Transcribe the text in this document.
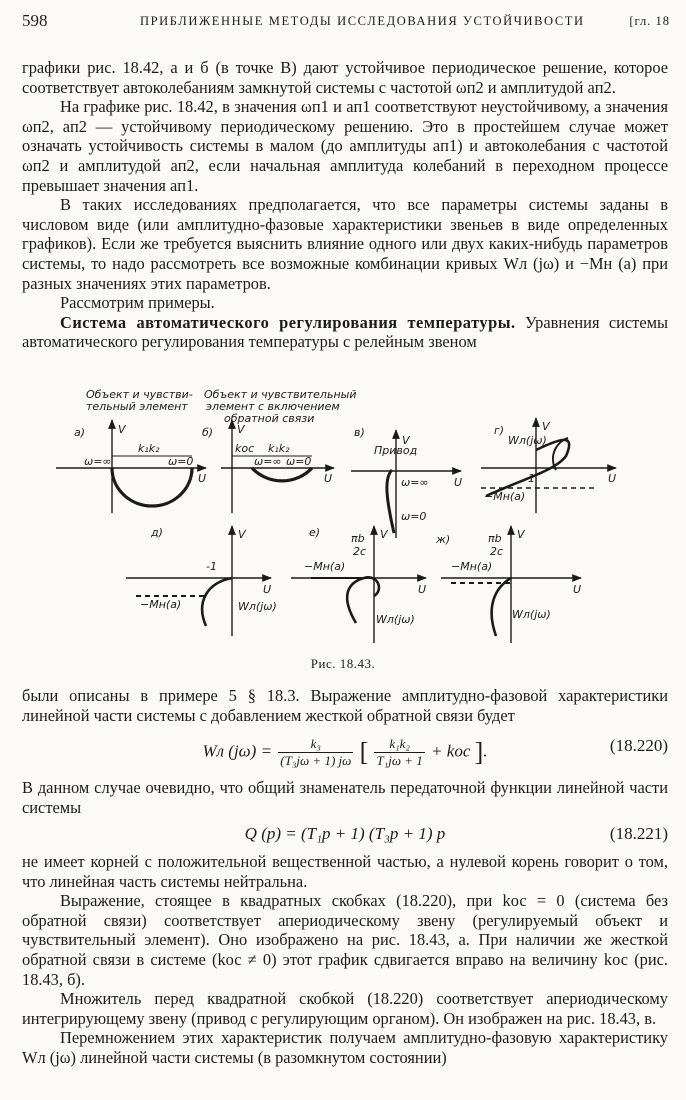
598	ПРИБЛИЖЕННЫЕ МЕТОДЫ ИССЛЕДОВАНИЯ УСТОЙЧИВОСТИ	[гл. 18

графики рис. 18.42, а и б (в точке B) дают устойчивое периодическое решение, которое соответствует автоколебаниям замкнутой системы с частотой ωп2 и амплитудой aп2.

На графике рис. 18.42, в значения ωп1 и aп1 соответствуют неустойчивому, а значения ωп2, aп2 — устойчивому периодическому решению. Это в простейшем случае может означать устойчивость системы в малом (до амплитуды aп1) и автоколебания с частотой ωп2 и амплитудой aп2, если начальная амплитуда колебаний в переходном процессе превышает значения aп1.

В таких исследованиях предполагается, что все параметры системы заданы в числовом виде (или амплитудно-фазовые характеристики звеньев в виде определенных графиков). Если же требуется выяснить влияние одного или двух каких-нибудь параметров системы, то надо рассмотреть все возможные комбинации кривых Wл (jω) и −Mн (a) при разных значениях этих параметров.

Рассмотрим примеры.

Система автоматического регулирования температуры. Уравнения системы автоматического регулирования температуры с релейным звеном

Объект и чувстви-
тельный элемент
Объект и чувствительный
элемент с включением
обратной связи
а)	б)	в)	г)
д)	е)
ж)
V
U
ω=∞	ω=0
k₁k₂
V
U
kос k₁k₂
ω=∞ ω=0
V
U
Привод
ω=∞
ω=0
V
U
Wл(jω)
−Mн(a)
-1
V
U
-1
−Mн(a)	Wл(jω)
V
U
πb
2c
−Mн(a)
Wл(jω)
V
U
πb
2c
−Mн(a)
Wл(jω)
Рис. 18.43.

были описаны в примере 5 § 18.3. Выражение амплитудно-фазовой характеристики линейной части системы с добавлением жесткой обратной связи будет

Wл $(j\omega) = \frac{\text{k₃}}{\text{(T₃jω + 1) jω}}$ [ $\frac{\text{k₁k₂}}{\text{T₁jω + 1}}$ + kос ].	(18.220)

В данном случае очевидно, что общий знаменатель передаточной функции линейной части системы

Q (p) = (T₁p + 1) (T₃p + 1) p	(18.221)

не имеет корней с положительной вещественной частью, а нулевой корень говорит о том, что линейная часть системы нейтральна.

Выражение, стоящее в квадратных скобках (18.220), при kос = 0 (система без обратной связи) соответствует апериодическому звену (регулируемый объект и чувствительный элемент). Оно изображено на рис. 18.43, а. При наличии же жесткой обратной связи в системе (kос ≠ 0) этот график сдвигается вправо на величину kос (рис. 18.43, б).

Множитель перед квадратной скобкой (18.220) соответствует апериодическому интегрирующему звену (привод с регулирующим органом). Он изображен на рис. 18.43, в.

Перемножением этих характеристик получаем амплитудно-фазовую характеристику Wл (jω) линейной части системы (в разомкнутом состоянии)
